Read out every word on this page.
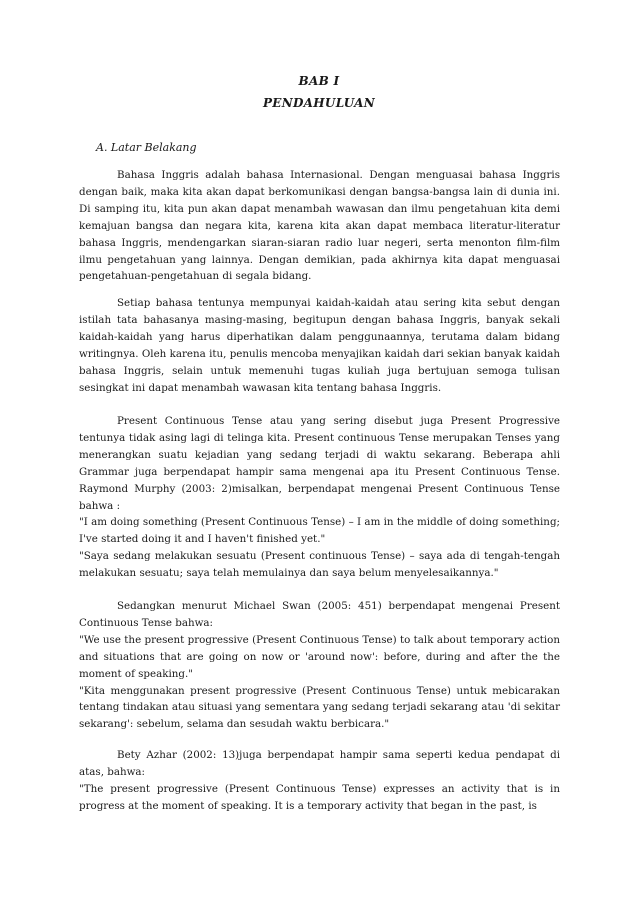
BAB I
PENDAHULUAN
A. Latar Belakang

Bahasa Inggris adalah bahasa Internasional. Dengan menguasai bahasa Inggris dengan baik, maka kita akan dapat berkomunikasi dengan bangsa-bangsa lain di dunia ini. Di samping itu, kita pun akan dapat menambah wawasan dan ilmu pengetahuan kita demi kemajuan bangsa dan negara kita, karena kita akan dapat membaca literatur-literatur bahasa Inggris, mendengarkan siaran-siaran radio luar negeri, serta menonton film-film ilmu pengetahuan yang lainnya. Dengan demikian, pada akhirnya kita dapat menguasai pengetahuan-pengetahuan di segala bidang.

Setiap bahasa tentunya mempunyai kaidah-kaidah atau sering kita sebut dengan istilah tata bahasanya masing-masing, begitupun dengan bahasa Inggris, banyak sekali kaidah-kaidah yang harus diperhatikan dalam penggunaannya, terutama dalam bidang writingnya. Oleh karena itu, penulis mencoba menyajikan kaidah dari sekian banyak kaidah bahasa Inggris, selain untuk memenuhi tugas kuliah juga bertujuan semoga tulisan sesingkat ini dapat menambah wawasan kita tentang bahasa Inggris.

Present Continuous Tense atau yang sering disebut juga Present Progressive tentunya tidak asing lagi di telinga kita. Present continuous Tense merupakan Tenses yang menerangkan suatu kejadian yang sedang terjadi di waktu sekarang. Beberapa ahli Grammar juga berpendapat hampir sama mengenai apa itu Present Continuous Tense. Raymond Murphy (2003: 2)misalkan, berpendapat mengenai Present Continuous Tense bahwa :
"I am doing something (Present Continuous Tense) – I am in the middle of doing something; I've started doing it and I haven't finished yet."
"Saya sedang melakukan sesuatu (Present continuous Tense) – saya ada di tengah-tengah melakukan sesuatu; saya telah memulainya dan saya belum menyelesaikannya."

Sedangkan menurut Michael Swan (2005: 451) berpendapat mengenai Present Continuous Tense bahwa:
"We use the present progressive (Present Continuous Tense) to talk about temporary action and situations that are going on now or 'around now': before, during and after the the moment of speaking."
"Kita menggunakan present progressive (Present Continuous Tense) untuk mebicarakan tentang tindakan atau situasi yang sementara yang sedang terjadi sekarang atau 'di sekitar sekarang': sebelum, selama dan sesudah waktu berbicara."

Bety Azhar (2002: 13)juga berpendapat hampir sama seperti kedua pendapat di atas, bahwa:
"The present progressive (Present Continuous Tense) expresses an activity that is in progress at the moment of speaking. It is a temporary activity that began in the past, is
